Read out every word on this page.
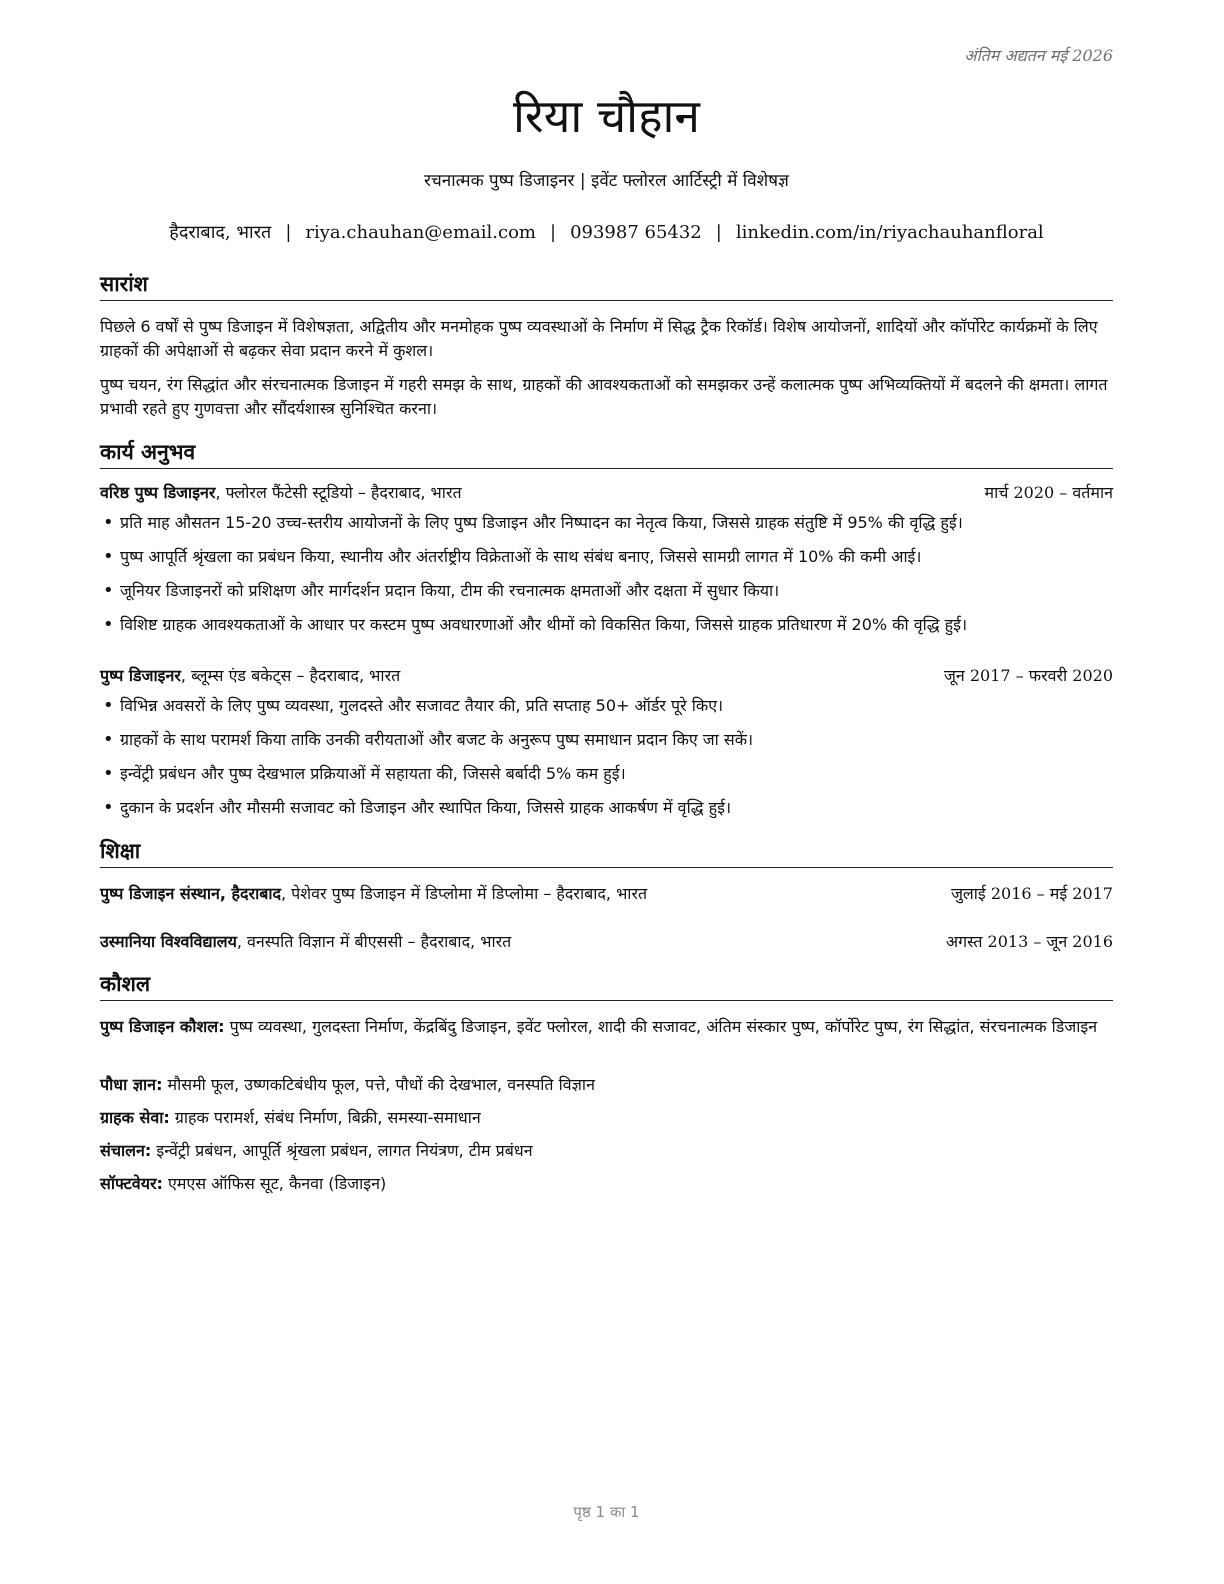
अंतिम अद्यतन मई 2026
रिया चौहान
रचनात्मक पुष्प डिजाइनर | इवेंट फ्लोरल आर्टिस्ट्री में विशेषज्ञ
हैदराबाद, भारत | riya.chauhan@email.com | 093987 65432 | linkedin.com/in/riyachauhanfloral
सारांश

पिछले 6 वर्षों से पुष्प डिजाइन में विशेषज्ञता, अद्वितीय और मनमोहक पुष्प व्यवस्थाओं के निर्माण में सिद्ध ट्रैक रिकॉर्ड। विशेष आयोजनों, शादियों और कॉर्पोरेट कार्यक्रमों के लिए ग्राहकों की अपेक्षाओं से बढ़कर सेवा प्रदान करने में कुशल।

पुष्प चयन, रंग सिद्धांत और संरचनात्मक डिजाइन में गहरी समझ के साथ, ग्राहकों की आवश्यकताओं को समझकर उन्हें कलात्मक पुष्प अभिव्यक्तियों में बदलने की क्षमता। लागत प्रभावी रहते हुए गुणवत्ता और सौंदर्यशास्त्र सुनिश्चित करना।

कार्य अनुभव
वरिष्ठ पुष्प डिजाइनर, फ्लोरल फैंटेसी स्टूडियो – हैदराबाद, भारत	मार्च 2020 – वर्तमान
• प्रति माह औसतन 15-20 उच्च-स्तरीय आयोजनों के लिए पुष्प डिजाइन और निष्पादन का नेतृत्व किया, जिससे ग्राहक संतुष्टि में 95% की वृद्धि हुई।
• पुष्प आपूर्ति श्रृंखला का प्रबंधन किया, स्थानीय और अंतर्राष्ट्रीय विक्रेताओं के साथ संबंध बनाए, जिससे सामग्री लागत में 10% की कमी आई।
• जूनियर डिजाइनरों को प्रशिक्षण और मार्गदर्शन प्रदान किया, टीम की रचनात्मक क्षमताओं और दक्षता में सुधार किया।
• विशिष्ट ग्राहक आवश्यकताओं के आधार पर कस्टम पुष्प अवधारणाओं और थीमों को विकसित किया, जिससे ग्राहक प्रतिधारण में 20% की वृद्धि हुई।
पुष्प डिजाइनर, ब्लूम्स एंड बकेट्स – हैदराबाद, भारत	जून 2017 – फरवरी 2020
• विभिन्न अवसरों के लिए पुष्प व्यवस्था, गुलदस्ते और सजावट तैयार की, प्रति सप्ताह 50+ ऑर्डर पूरे किए।
• ग्राहकों के साथ परामर्श किया ताकि उनकी वरीयताओं और बजट के अनुरूप पुष्प समाधान प्रदान किए जा सकें।
• इन्वेंट्री प्रबंधन और पुष्प देखभाल प्रक्रियाओं में सहायता की, जिससे बर्बादी 5% कम हुई।
• दुकान के प्रदर्शन और मौसमी सजावट को डिजाइन और स्थापित किया, जिससे ग्राहक आकर्षण में वृद्धि हुई।
शिक्षा
पुष्प डिजाइन संस्थान, हैदराबाद, पेशेवर पुष्प डिजाइन में डिप्लोमा में डिप्लोमा – हैदराबाद, भारत	जुलाई 2016 – मई 2017
उस्मानिया विश्वविद्यालय, वनस्पति विज्ञान में बीएससी – हैदराबाद, भारत	अगस्त 2013 – जून 2016
कौशल
पुष्प डिजाइन कौशल: पुष्प व्यवस्था, गुलदस्ता निर्माण, केंद्रबिंदु डिजाइन, इवेंट फ्लोरल, शादी की सजावट, अंतिम संस्कार पुष्प, कॉर्पोरेट पुष्प, रंग सिद्धांत, संरचनात्मक डिजाइन
पौधा ज्ञान: मौसमी फूल, उष्णकटिबंधीय फूल, पत्ते, पौधों की देखभाल, वनस्पति विज्ञान
ग्राहक सेवा: ग्राहक परामर्श, संबंध निर्माण, बिक्री, समस्या-समाधान
संचालन: इन्वेंट्री प्रबंधन, आपूर्ति श्रृंखला प्रबंधन, लागत नियंत्रण, टीम प्रबंधन
सॉफ्टवेयर: एमएस ऑफिस सूट, कैनवा (डिजाइन)
पृष्ठ 1 का 1
